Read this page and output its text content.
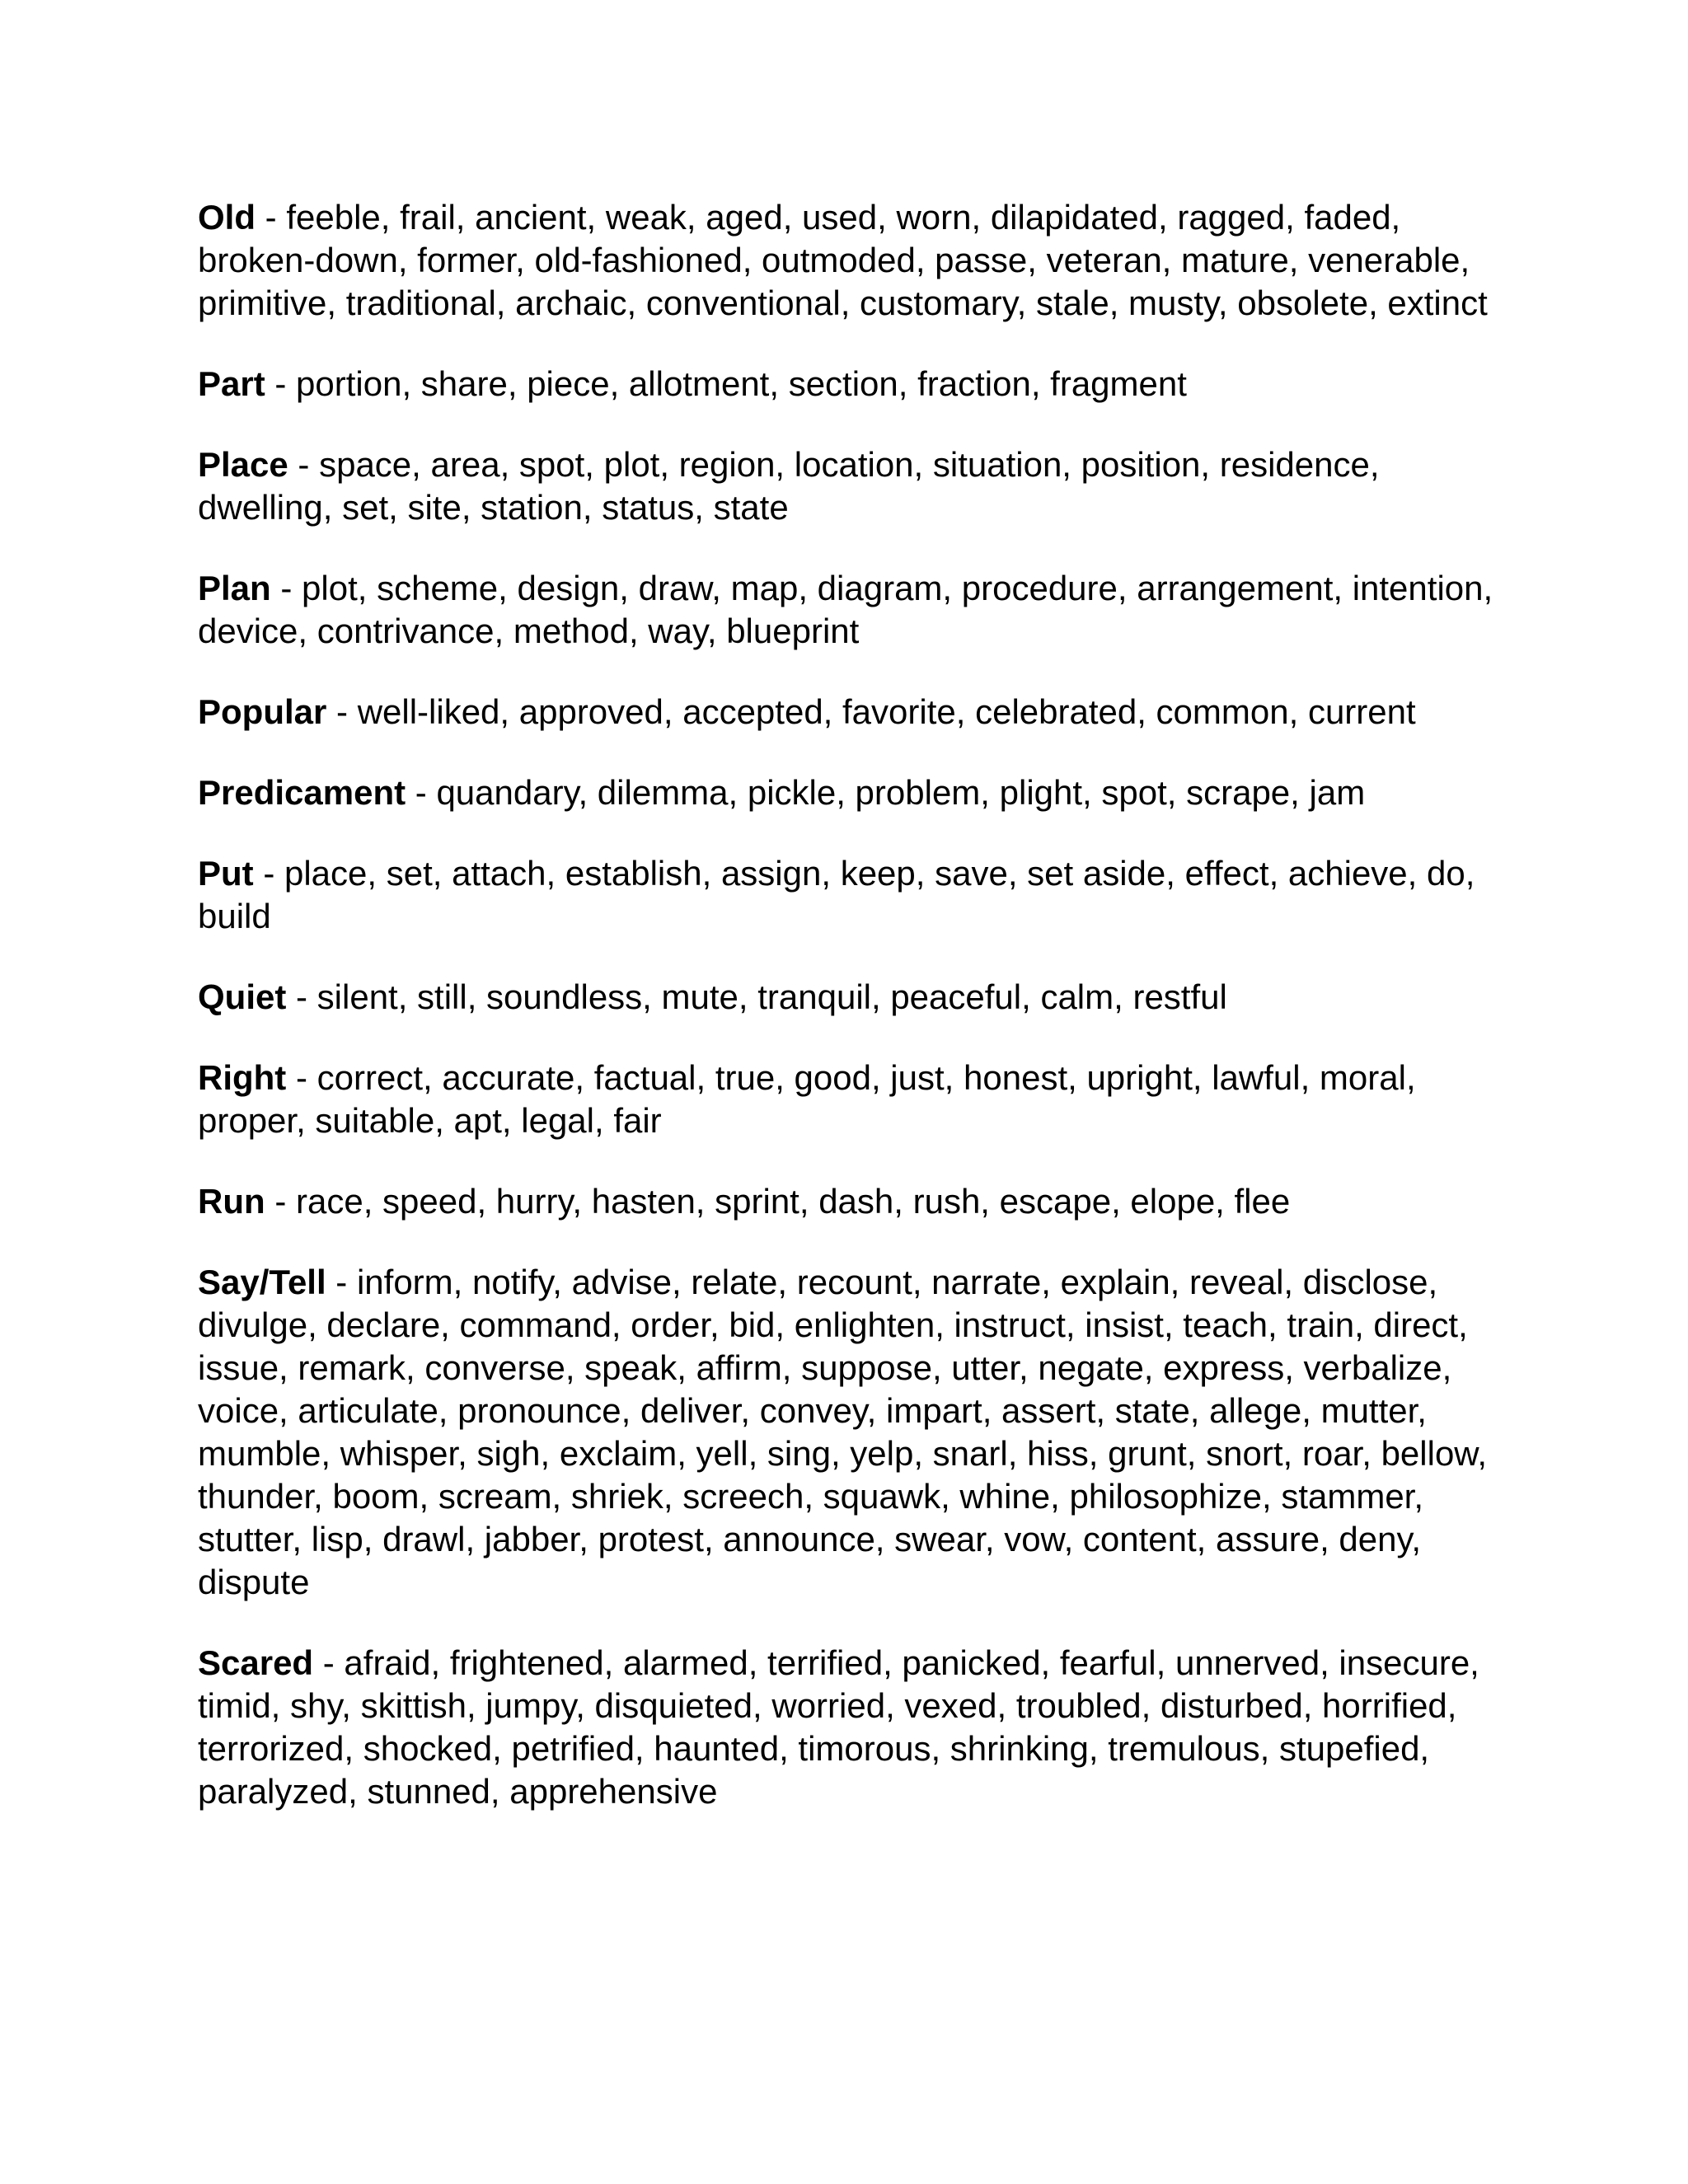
Old - feeble, frail, ancient, weak, aged, used, worn, dilapidated, ragged, faded, broken-down, former, old-fashioned, outmoded, passe, veteran, mature, venerable, primitive, traditional, archaic, conventional, customary, stale, musty, obsolete, extinct

Part - portion, share, piece, allotment, section, fraction, fragment

Place - space, area, spot, plot, region, location, situation, position, residence, dwelling, set, site, station, status, state

Plan - plot, scheme, design, draw, map, diagram, procedure, arrangement, intention, device, contrivance, method, way, blueprint

Popular - well-liked, approved, accepted, favorite, celebrated, common, current

Predicament - quandary, dilemma, pickle, problem, plight, spot, scrape, jam

Put - place, set, attach, establish, assign, keep, save, set aside, effect, achieve, do, build

Quiet - silent, still, soundless, mute, tranquil, peaceful, calm, restful

Right - correct, accurate, factual, true, good, just, honest, upright, lawful, moral, proper, suitable, apt, legal, fair

Run - race, speed, hurry, hasten, sprint, dash, rush, escape, elope, flee

Say/Tell - inform, notify, advise, relate, recount, narrate, explain, reveal, disclose, divulge, declare, command, order, bid, enlighten, instruct, insist, teach, train, direct, issue, remark, converse, speak, affirm, suppose, utter, negate, express, verbalize, voice, articulate, pronounce, deliver, convey, impart, assert, state, allege, mutter, mumble, whisper, sigh, exclaim, yell, sing, yelp, snarl, hiss, grunt, snort, roar, bellow, thunder, boom, scream, shriek, screech, squawk, whine, philosophize, stammer, stutter, lisp, drawl, jabber, protest, announce, swear, vow, content, assure, deny, dispute

Scared - afraid, frightened, alarmed, terrified, panicked, fearful, unnerved, insecure, timid, shy, skittish, jumpy, disquieted, worried, vexed, troubled, disturbed, horrified, terrorized, shocked, petrified, haunted, timorous, shrinking, tremulous, stupefied, paralyzed, stunned, apprehensive
